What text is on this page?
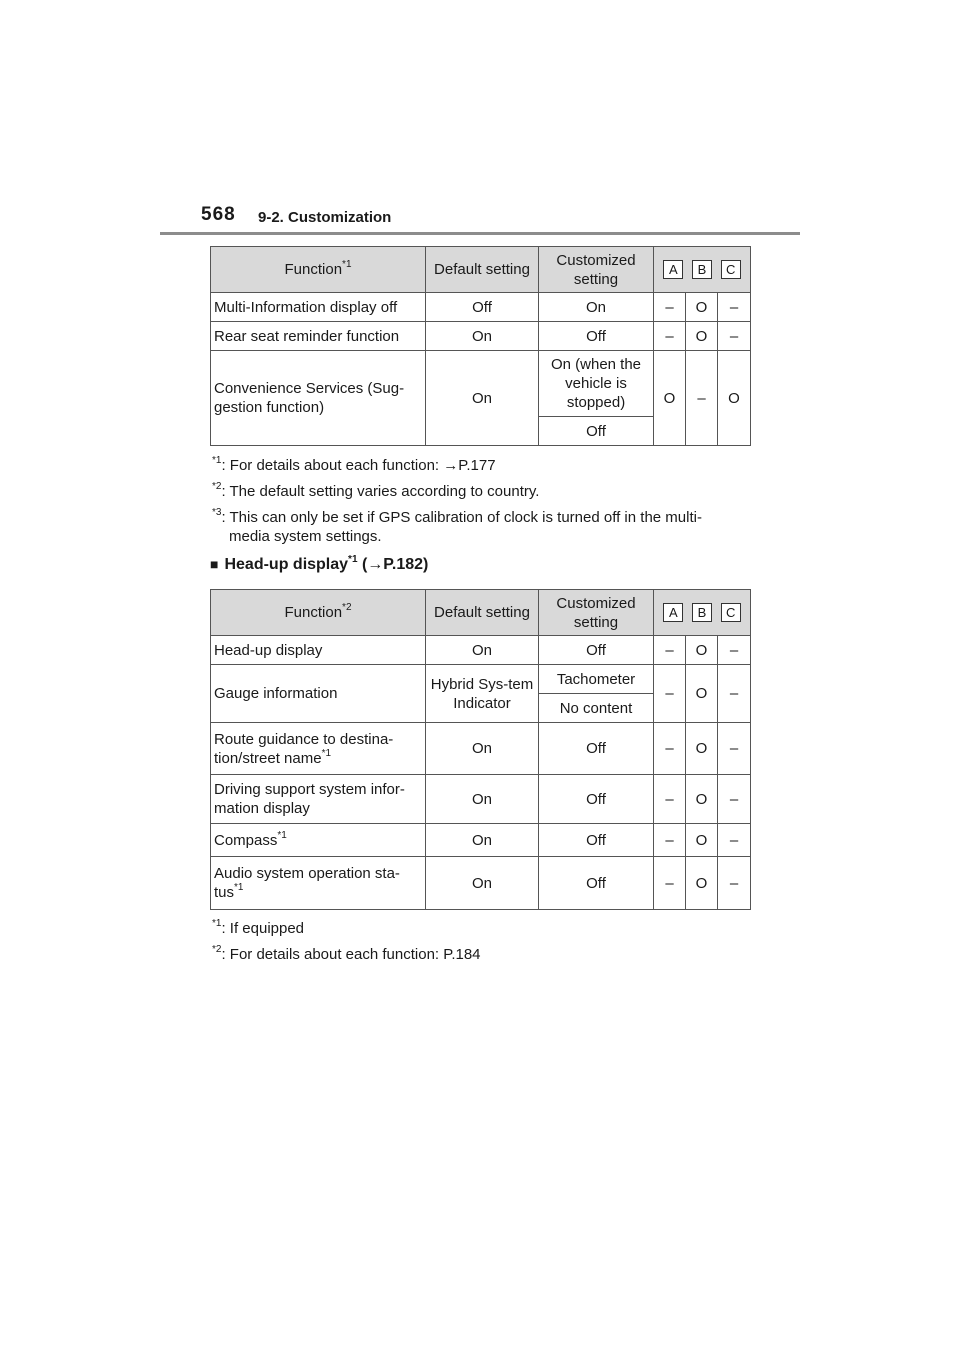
568 9-2. Customization
Function$^{*1}$	Default setting	Customized setting	A B C		

Multi-Information display off	Off	On	–	O	–
Rear seat reminder function	On	Off	–	O	–
Convenience Services (Sug-gestion function)	On	On (when the vehicle is stopped)	O	–	O
		Off			
$^{*1}$: For details about each function: →P.177
$^{*2}$: The default setting varies according to country.
$^{*3}$: This can only be set if GPS calibration of clock is turned off in the multi-
media system settings.
■ Head-up display$^{*1}$ (→P.182)
Function$^{*2}$	Default setting	Customized setting	A B C		

Head-up display	On	Off	–	O	–
Gauge information	Hybrid Sys-tem Indicator	Tachometer	–	O	–
		No content			
Route guidance to destina-tion/street name$^{*1}$	On	Off	–	O	–
Driving support system infor-mation display	On	Off	–	O	–
Compass$^{*1}$	On	Off	–	O	–
Audio system operation sta-tus$^{*1}$	On	Off	–	O	–
$^{*1}$: If equipped
$^{*2}$: For details about each function: P.184
